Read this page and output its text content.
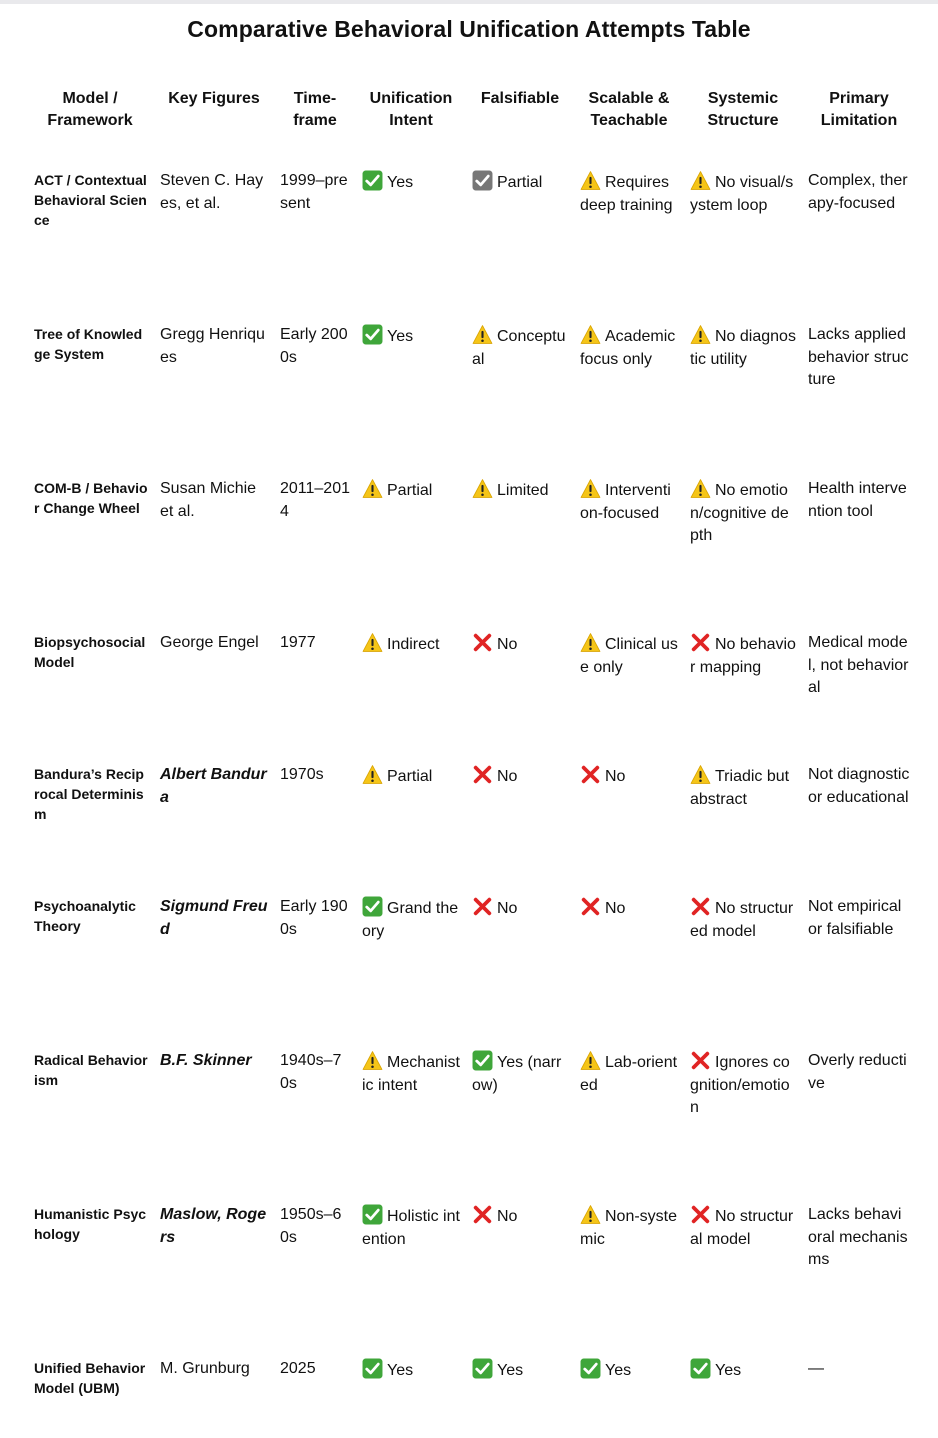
Comparative Behavioral Unification Attempts Table
Model / Framework	Key Figures	Time-frame	Unification Intent	Falsifiable	Scalable & Teachable	Systemic Structure	Primary Limitation
ACT / Contextual Behavioral Science	Steven C. Hayes, et al.	1999–present	Yes	Partial	Requires deep training	No visual/system loop	Complex, therapy-focused
Tree of Knowledge System	Gregg Henriques	Early 2000s	Yes	Conceptual	Academic focus only	No diagnostic utility	Lacks applied behavior structure
COM-B / Behavior Change Wheel	Susan Michie et al.	2011–2014	Partial	Limited	Intervention-focused	No emotion/cognitive depth	Health intervention tool
Biopsychosocial Model	George Engel	1977	Indirect	No	Clinical use only	No behavior mapping	Medical model, not behavioral
Bandura’s Reciprocal Determinism	Albert Bandura	1970s	Partial	No	No	Triadic but abstract	Not diagnostic or educational
Psychoanalytic Theory	Sigmund Freud	Early 1900s	Grand theory	No	No	No structured model	Not empirical or falsifiable
Radical Behaviorism	B.F. Skinner	1940s–70s	Mechanistic intent	Yes (narrow)	Lab-oriented	Ignores cognition/emotion	Overly reductive
Humanistic Psychology	Maslow, Rogers	1950s–60s	Holistic intention	No	Non-systemic	No structural model	Lacks behavioral mechanisms
Unified Behavior Model (UBM)	M. Grunburg	2025	Yes	Yes	Yes	Yes	—
